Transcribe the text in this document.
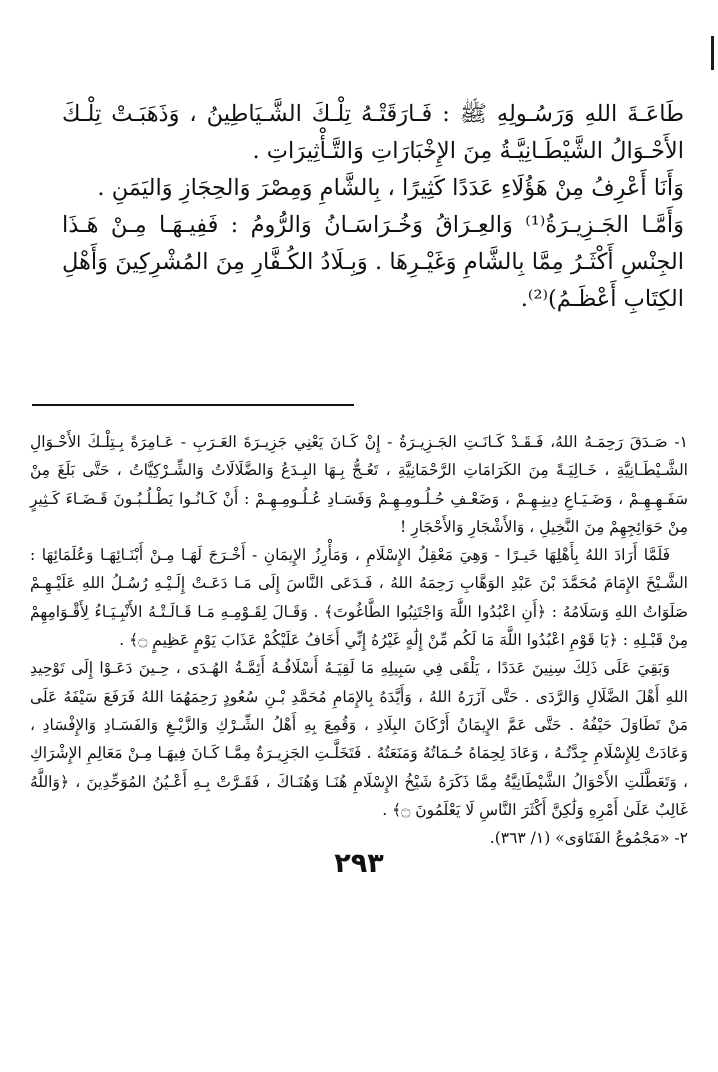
طَاعَـةَ اللهِ وَرَسُـولِهِ ﷺ : فَـارَقَتْـهُ تِلْـكَ الشَّـيَاطِينُ ، وَذَهَبَـتْ تِلْـكَ الأَحْـوَالُ الشَّيْطَـانِيَّـةُ مِنَ الإِخْبَارَاتِ وَالتَّـأْثِيرَاتِ .

وَأَنَا أَعْرِفُ مِنْ هَؤُلَاءِ عَدَدًا كَثِيرًا ، بِالشَّامِ وَمِصْرَ وَالحِجَازِ وَاليَمَنِ .

وَأَمَّـا الجَـزِيـرَةُ⁽¹⁾ وَالعِـرَاقُ وَخُـرَاسَـانُ وَالرُّومُ : فَفِيـهَـا مِـنْ هَـذَا الجِنْسِ أَكْثَـرُ مِمَّا بِالشَّامِ وَغَيْـرِهَا . وَبِـلَادُ الكُـفَّارِ مِنَ المُشْرِكِينَ وَأَهْلِ الكِتَابِ أَعْظَـمُ)⁽²⁾.

١- صَـدَقَ رَحِمَـهُ اللهُ، فَـقَـدْ كَـانَـتِ الجَـزِيـرَةُ - إِنْ كَـانَ يَعْنِي جَزِيـرَةَ العَـرَبِ - عَـامِرَةً بِـتِلْـكَ الأَحْـوَالِ الشَّـيْطَـانِيَّةِ ، خَـالِيَـةً مِنَ الكَرَامَاتِ الرَّحْمَانِيَّةِ ، تَعُـجُّ بِـهَا البِـدَعُ وَالضَّلَالَاتُ وَالشِّـرْكِيَّاتُ ، حَتَّى بَلَغَ مِنْ سَفَـهِـهِـمْ ، وَضَـيَـاعِ دِينِـهِـمْ ، وَضَعْـفِ حُـلُـومِـهِـمْ وَفَسَـادِ عُـلُـومِـهِـمْ : أَنْ كَـانُـوا يَطْـلُـبُـونَ قَـضَـاءَ كَـثِيرٍ مِنْ حَوَائِجِهِمْ مِنَ النَّخِيلِ ، وَالأَشْجَارِ وَالأَحْجَارِ !

فَلَمَّا أَرَادَ اللهُ بِأَهْلِهَا خَيـرًا - وَهِيَ مَعْقِلُ الإِسْلَامِ ، وَمَأْرِزُ الإِيمَانِ - أَخْـرَجَ لَهَـا مِـنْ أَبْنَـائِهَـا وَعُلَمَائِهَا : الشَّـيْخَ الإِمَامَ مُحَمَّدَ بْنَ عَبْدِ الوَهَّابِ رَحِمَهُ اللهُ ، فَـدَعَى النَّاسَ إِلَى مَـا دَعَـتْ إِلَـيْـهِ رُسُـلُ اللهِ عَلَيْـهِـمْ صَلَوَاتُ اللهِ وَسَلَامُهُ : ﴿أَنِ اعْبُدُوا اللَّهَ وَاجْتَنِبُوا الطَّاغُوتَ﴾ . وَقَـالَ لِقَـوْمِـهِ مَـا قَـالَـتْـهُ الأَنْبِـيَـاءُ لِأَقْـوَامِهِمْ مِنْ قَبْـلِهِ : ﴿يَا قَوْمِ اعْبُدُوا اللَّهَ مَا لَكُم مِّنْ إِلَٰهٍ غَيْرُهُ إِنِّي أَخَافُ عَلَيْكُمْ عَذَابَ يَوْمٍ عَظِيمٍ ۝﴾ .

وَبَقِيَ عَلَى ذَلِكَ سِنِينَ عَدَدًا ، يَلْقَى فِي سَبِيلِهِ مَا لَقِيَـهُ أَسْلَافُـهُ أَئِمَّـةُ الهُـدَى ، حِـينَ دَعَـوْا إِلَى تَوْحِيدِ اللهِ أَهْلَ الضَّلَالِ وَالرَّدَى . حَتَّى آزَرَهُ اللهُ ، وَأَيَّدَهُ بِالإِمَامِ مُحَمَّدِ بْـنِ سُعُودٍ رَحِمَهُمَا اللهُ فَرَفَعَ سَيْفَهُ عَلَى مَنْ تَطَاوَلَ حَيْفُهُ . حَتَّى عَمَّ الإِيمَانُ أَرْكَانَ البِلَادِ ، وَقُمِعَ بِهِ أَهْلُ الشِّـرْكِ وَالزَّيْـغِ وَالفَسَـادِ وَالإِفْسَادِ ، وَعَادَتْ لِلإِسْلَامِ جِدَّتُـهُ ، وَعَادَ لِحِمَاهُ حُـمَاتُهُ وَمَنَعَتُهُ . فَتَخَلَّـتِ الجَزِيـرَةُ مِمَّـا كَـانَ فِيهَـا مِـنْ مَعَالِمِ الإِشْرَاكِ ، وَتَعَطَّلَتِ الأَحْوَالُ الشَّيْطَانِيَّةُ مِمَّا ذَكَرَهُ شَيْخُ الإِسْلَامِ هُنَـا وَهُنَـاكَ ، فَقَـرَّتْ بِـهِ أَعْـيُنُ المُوَحِّدِينَ ، ﴿وَاللَّهُ غَالِبٌ عَلَىٰ أَمْرِهِ وَلَٰكِنَّ أَكْثَرَ النَّاسِ لَا يَعْلَمُونَ ۝﴾ .

٢- «مَجْمُوعُ الفَتَاوَى» (١/ ٣٦٣).

٢٩٣
